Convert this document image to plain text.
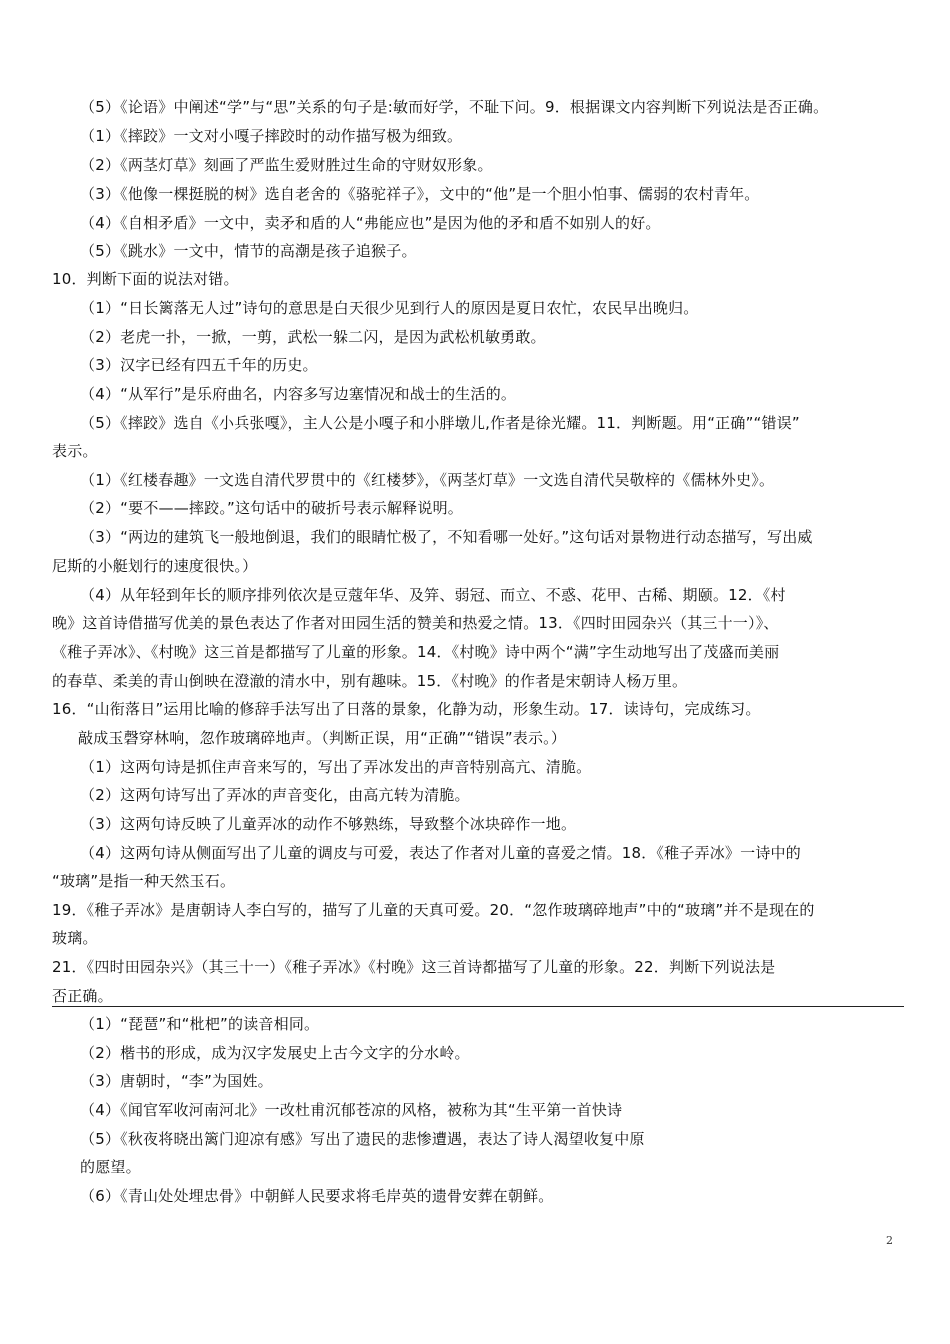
（5）《论语》中阐述“学”与“思”关系的句子是:敏而好学，不耻下问。9．根据课文内容判断下列说法是否正确。
（1）《摔跤》一文对小嘎子摔跤时的动作描写极为细致。
（2）《两茎灯草》刻画了严监生爱财胜过生命的守财奴形象。
（3）《他像一棵挺脱的树》选自老舍的《骆驼祥子》，文中的“他”是一个胆小怕事、儒弱的农村青年。
（4）《自相矛盾》一文中，卖矛和盾的人“弗能应也”是因为他的矛和盾不如别人的好。
（5）《跳水》一文中，情节的高潮是孩子追猴子。
10．判断下面的说法对错。
（1）“日长篱落无人过”诗句的意思是白天很少见到行人的原因是夏日农忙，农民早出晚归。
（2）老虎一扑，一掀，一剪，武松一躲二闪，是因为武松机敏勇敢。
（3）汉字已经有四五千年的历史。
（4）“从军行”是乐府曲名，内容多写边塞情况和战士的生活的。
（5）《摔跤》选自《小兵张嘎》，主人公是小嘎子和小胖墩儿,作者是徐光耀。11．判断题。用“正确”“错误”
表示。
（1）《红楼春趣》一文选自清代罗贯中的《红楼梦》，《两茎灯草》一文选自清代吴敬梓的《儒林外史》。
（2）“要不——摔跤。”这句话中的破折号表示解释说明。
（3）“两边的建筑飞一般地倒退，我们的眼睛忙极了，不知看哪一处好。”这句话对景物进行动态描写，写出威
尼斯的小艇划行的速度很快。）
（4）从年轻到年长的顺序排列依次是豆蔻年华、及笄、弱冠、而立、不惑、花甲、古稀、期颐。12．《村
晚》这首诗借描写优美的景色表达了作者对田园生活的赞美和热爱之情。13．《四时田园杂兴（其三十一）》、
《稚子弄冰》、《村晚》这三首是都描写了儿童的形象。14．《村晚》诗中两个“满”字生动地写出了茂盛而美丽
的春草、柔美的青山倒映在澄澈的清水中，别有趣味。15．《村晚》的作者是宋朝诗人杨万里。
16．“山衔落日”运用比喻的修辞手法写出了日落的景象，化静为动，形象生动。17．读诗句，完成练习。
敲成玉磬穿林响，忽作玻璃碎地声。（判断正误，用“正确”“错误”表示。）
（1）这两句诗是抓住声音来写的，写出了弄冰发出的声音特别高亢、清脆。
（2）这两句诗写出了弄冰的声音变化，由高亢转为清脆。
（3）这两句诗反映了儿童弄冰的动作不够熟练，导致整个冰块碎作一地。
（4）这两句诗从侧面写出了儿童的调皮与可爱，表达了作者对儿童的喜爱之情。18．《稚子弄冰》一诗中的
“玻璃”是指一种天然玉石。
19．《稚子弄冰》是唐朝诗人李白写的，描写了儿童的天真可爱。20．“忽作玻璃碎地声”中的“玻璃”并不是现在的
玻璃。
21．《四时田园杂兴》（其三十一）《稚子弄冰》《村晚》这三首诗都描写了儿童的形象。22．判断下列说法是
否正确。
（1）“琵琶”和“枇杷”的读音相同。
（2）楷书的形成，成为汉字发展史上古今文字的分水岭。
（3）唐朝时，“李”为国姓。
（4）《闻官军收河南河北》一改杜甫沉郁苍凉的风格，被称为其“生平第一首快诗
（5）《秋夜将晓出篱门迎凉有感》写出了遗民的悲惨遭遇，表达了诗人渴望收复中原
的愿望。
（6）《青山处处埋忠骨》中朝鲜人民要求将毛岸英的遗骨安葬在朝鲜。
2
